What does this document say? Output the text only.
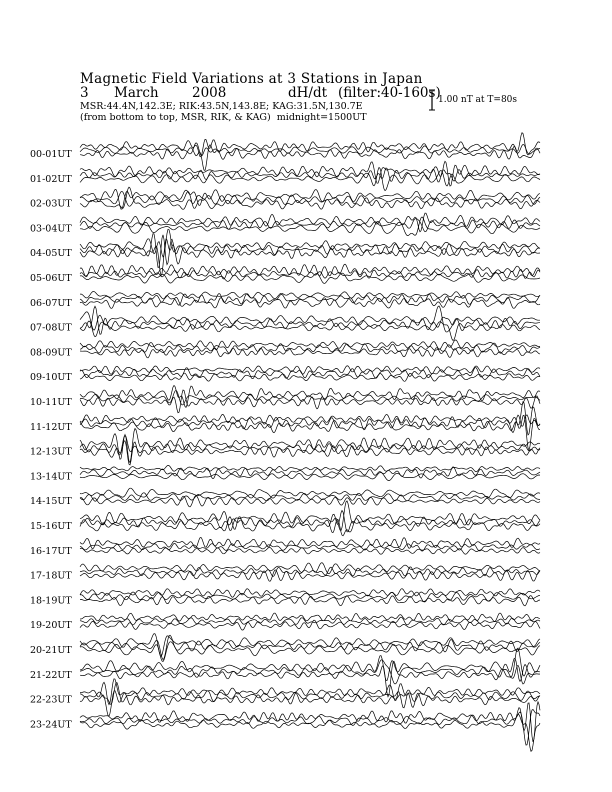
Magnetic Field Variations at 3 Stations in Japan
3 March 2008	dH/dt (filter:40-160s)
MSR:44.4N,142.3E; RIK:43.5N,143.8E; KAG:31.5N,130.7E
(from bottom to top, MSR, RIK, & KAG) midnight=1500UT
1.00 nT at T=80s
00-01UT
01-02UT
02-03UT
03-04UT
04-05UT
05-06UT
06-07UT
07-08UT
08-09UT
09-10UT
10-11UT
11-12UT
12-13UT
13-14UT
14-15UT
15-16UT
16-17UT
17-18UT
18-19UT
19-20UT
20-21UT
21-22UT
22-23UT
23-24UT
